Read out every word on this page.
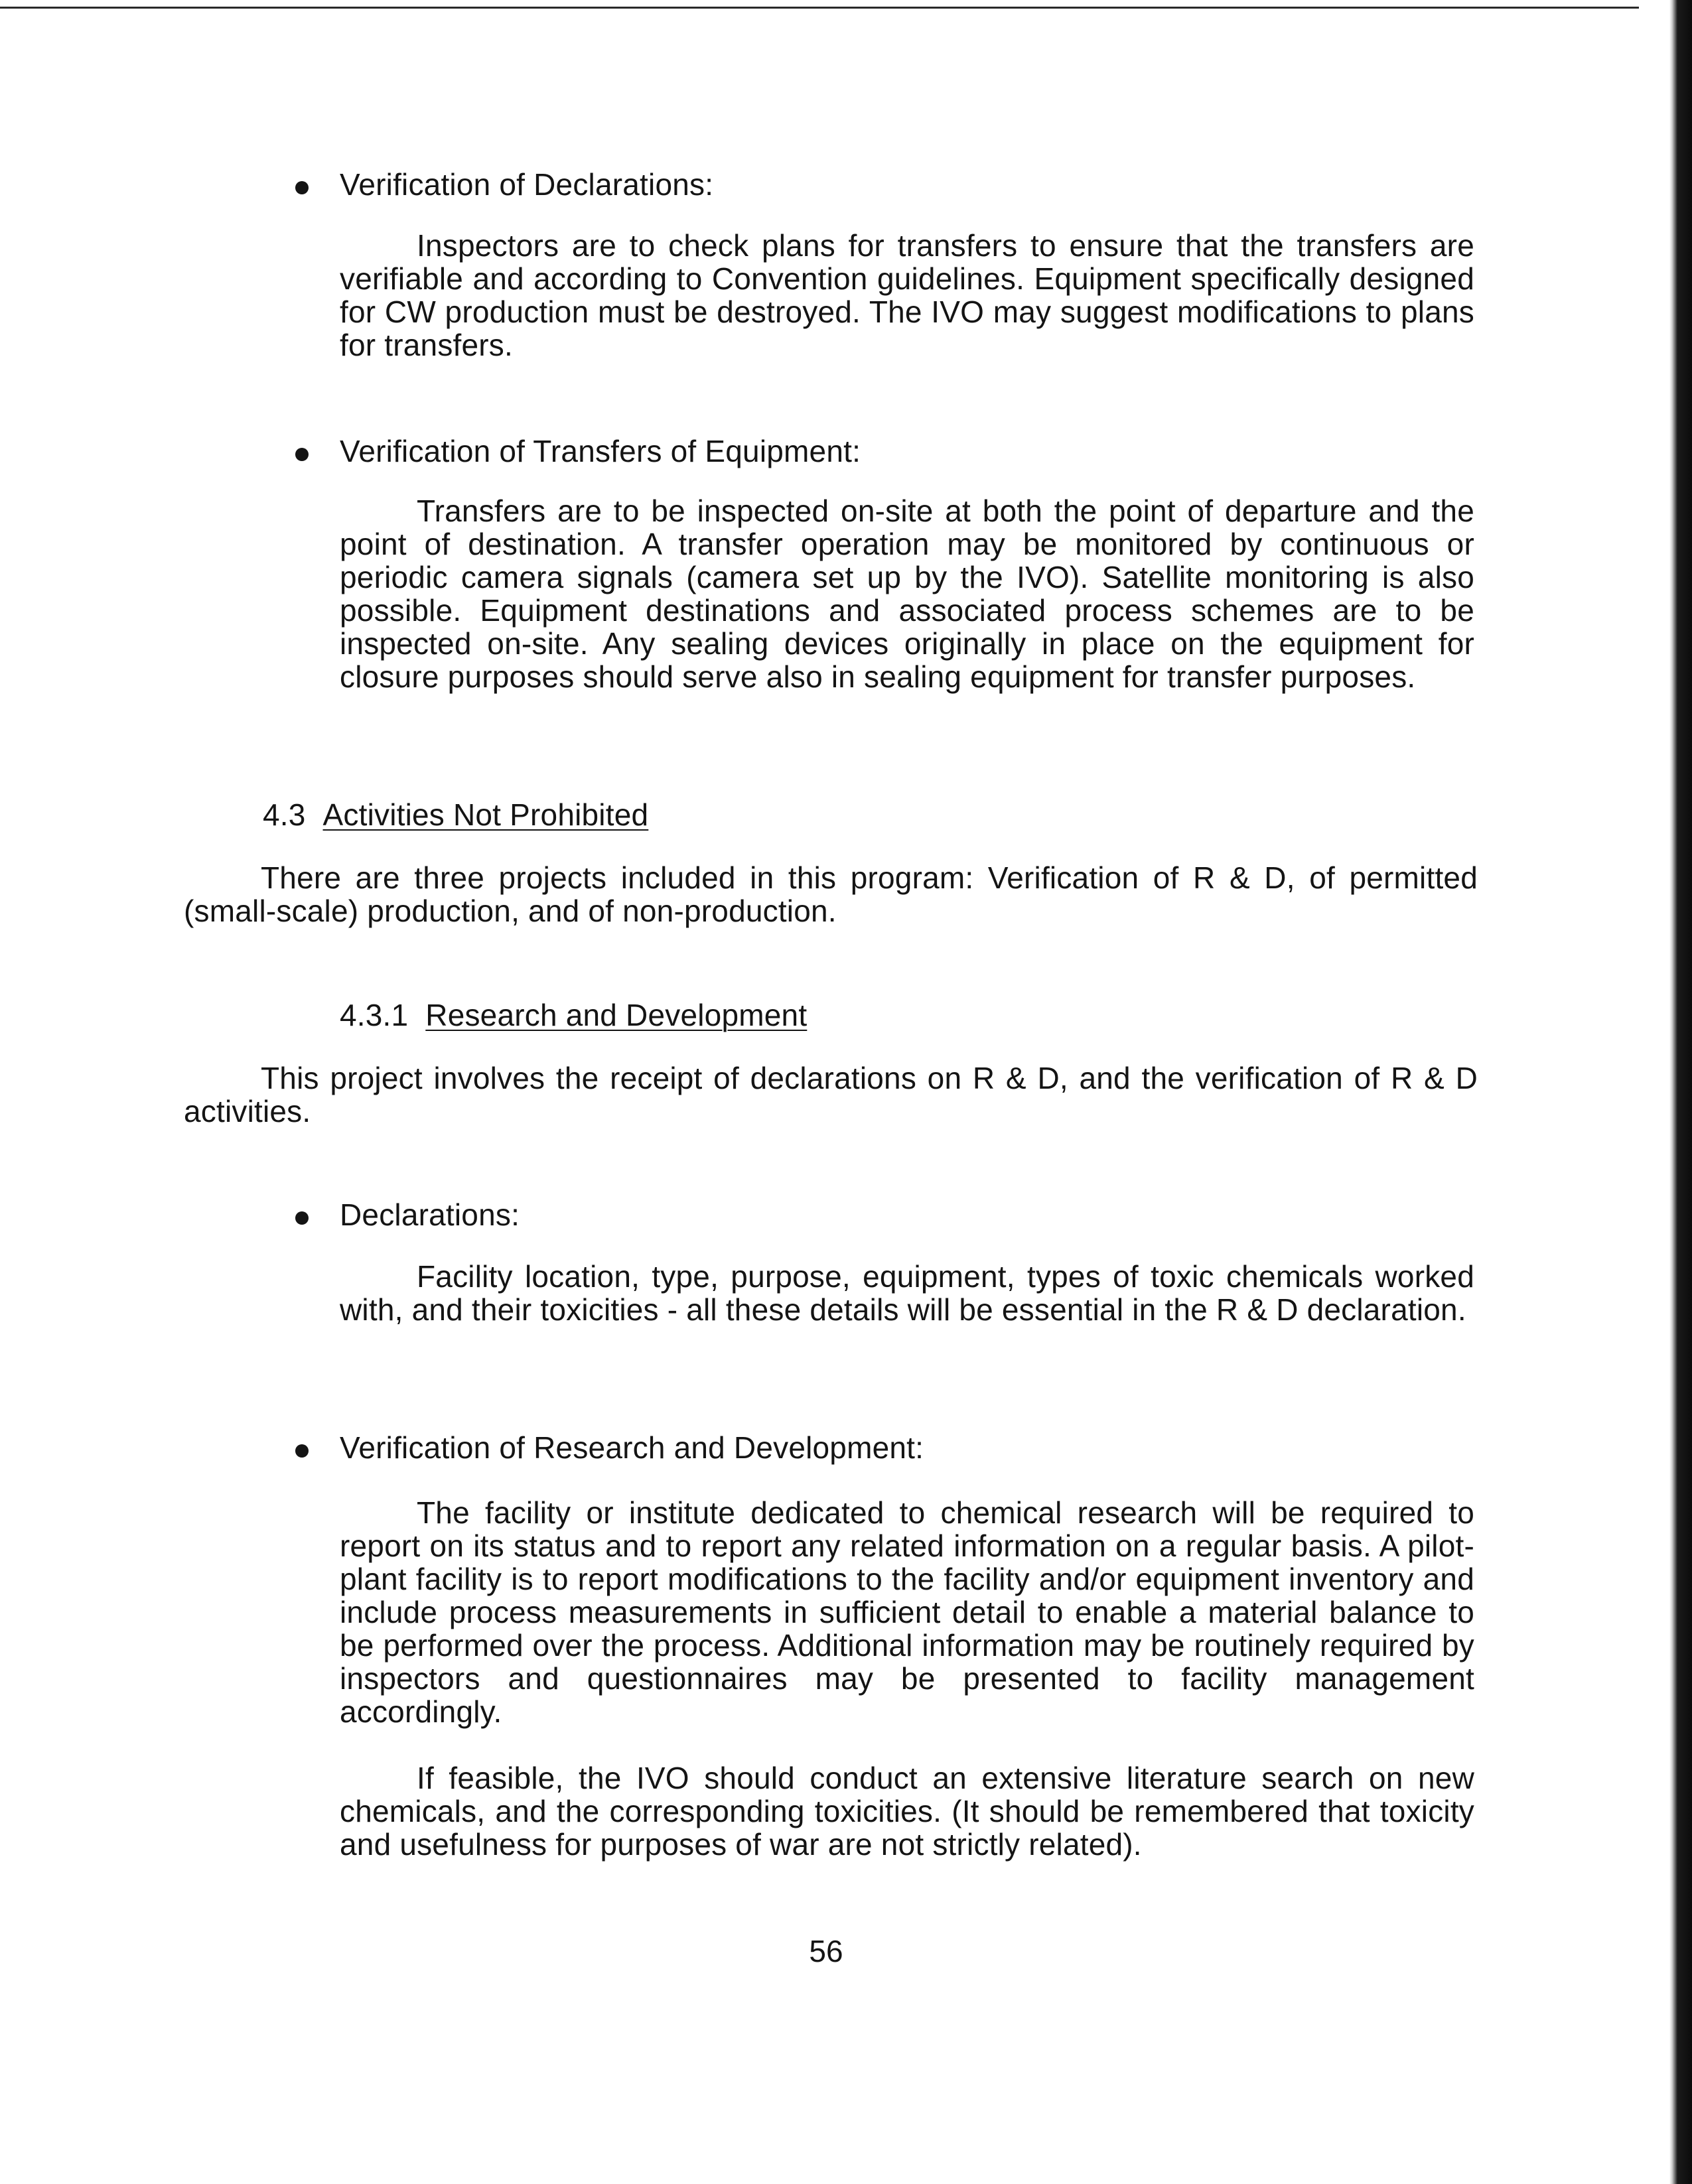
Verification of Declarations:
Inspectors are to check plans for transfers to ensure that the transfers are verifiable and according to Convention guidelines. Equipment specifically designed for CW production must be destroyed. The IVO may suggest modifications to plans for transfers.
Verification of Transfers of Equipment:
Transfers are to be inspected on-site at both the point of departure and the point of destination. A transfer operation may be monitored by continuous or periodic camera signals (camera set up by the IVO). Satellite monitoring is also possible. Equipment destinations and associated process schemes are to be inspected on-site. Any sealing devices originally in place on the equipment for closure purposes should serve also in sealing equipment for transfer purposes.
4.3 Activities Not Prohibited
There are three projects included in this program: Verification of R & D, of permitted (small-scale) production, and of non-production.
4.3.1 Research and Development
This project involves the receipt of declarations on R & D, and the verification of R & D activities.
Declarations:
Facility location, type, purpose, equipment, types of toxic chemicals worked with, and their toxicities - all these details will be essential in the R & D declaration.
Verification of Research and Development:
The facility or institute dedicated to chemical research will be required to report on its status and to report any related information on a regular basis. A pilot-plant facility is to report modifications to the facility and/or equipment inventory and include process measurements in sufficient detail to enable a material balance to be performed over the process. Additional information may be routinely required by inspectors and questionnaires may be presented to facility management accordingly.
If feasible, the IVO should conduct an extensive literature search on new chemicals, and the corresponding toxicities. (It should be remembered that toxicity and usefulness for purposes of war are not strictly related).
56
